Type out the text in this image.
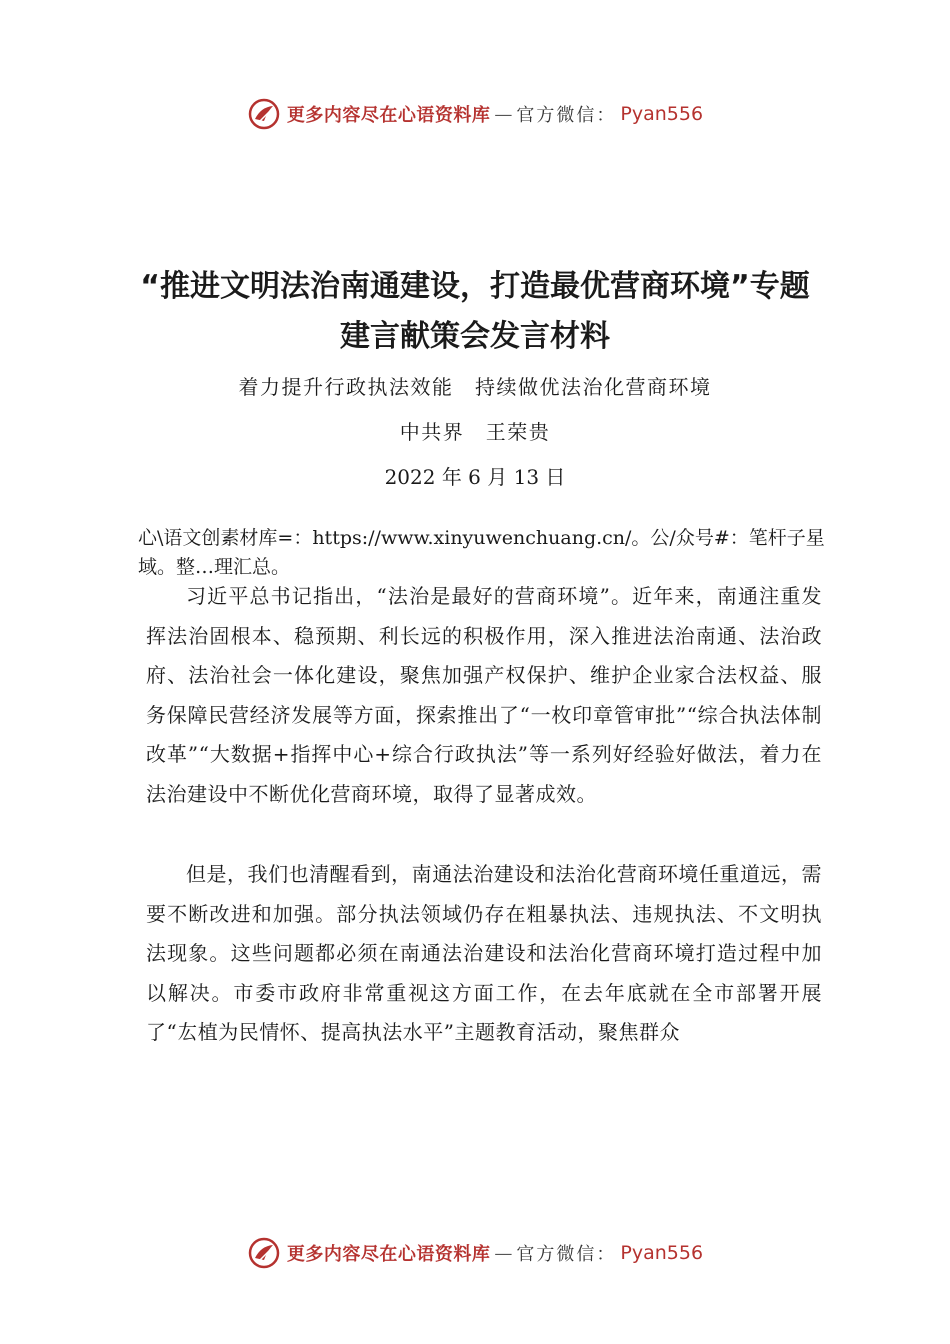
更多内容尽在心语资料库 — 官方微信： Pyan556
“推进文明法治南通建设，打造最优营商环境”专题建言献策会发言材料
着力提升行政执法效能　持续做优法治化营商环境
中共界　王荣贵
2022 年 6 月 13 日
心\语文创素材库=：https://www.xinyuwenchuang.cn/。公/众号#：笔杆子星域。整…理汇总。
习近平总书记指出，“法治是最好的营商环境”。近年来，南通注重发挥法治固根本、稳预期、利长远的积极作用，深入推进法治南通、法治政府、法治社会一体化建设，聚焦加强产权保护、维护企业家合法权益、服务保障民营经济发展等方面，探索推出了“一枚印章管审批”“综合执法体制改革”“大数据+指挥中心+综合行政执法”等一系列好经验好做法，着力在法治建设中不断优化营商环境，取得了显著成效。
但是，我们也清醒看到，南通法治建设和法治化营商环境任重道远，需要不断改进和加强。部分执法领域仍存在粗暴执法、违规执法、不文明执法现象。这些问题都必须在南通法治建设和法治化营商环境打造过程中加以解决。市委市政府非常重视这方面工作，在去年底就在全市部署开展了“厷植为民情怀、提高执法水平”主题教育活动，聚焦群众
更多内容尽在心语资料库 — 官方微信： Pyan556
